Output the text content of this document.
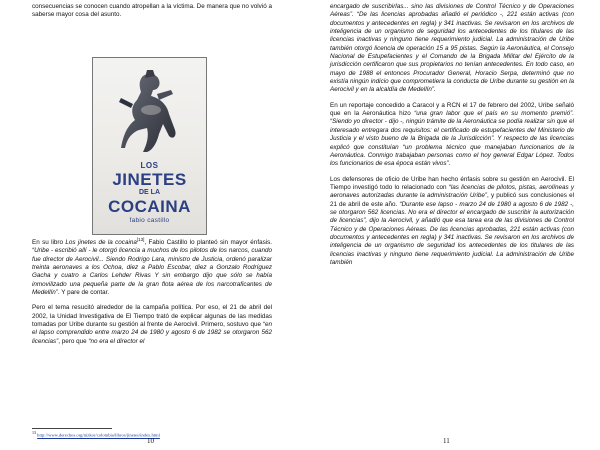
consecuencias se conocen cuando atropellan a la víctima. De manera que no volvió a saberse mayor cosa del asunto.

LOS
JINETES
DE LA
COCAINA
fabio castillo

En su libro Los jinetes de la cocaina[13], Fabio Castillo lo planteó sin mayor énfasis. “Uribe - escribió allí - le otorgó licencia a muchos de los pilotos de los narcos, cuando fue director de Aerocivil... Siendo Rodrigo Lara, ministro de Justicia, ordenó paralizar treinta aeronaves a los Ochoa, diez a Pablo Escobar, diez a Gonzalo Rodríguez Gacha y cuatro a Carlos Lehder Rivas Y sin embargo dijo que sólo se había inmovilizado una pequeña parte de la gran flota aérea de los narcotraficantes de Medellín”. Y pare de contar.

Pero el tema resucitó alrededor de la campaña política. Por eso, el 21 de abril del 2002, la Unidad Investigativa de El Tiempo trató de explicar algunas de las medidas tomadas por Uribe durante su gestión al frente de Aerocivil. Primero, sostuvo que “en el lapso comprendido entre marzo 24 de 1980 y agosto 6 de 1982 se otorgaron 562 licencias”, pero que “no era el director el

$^{13}$ http://www.derechos.org/nizkor/colombia/libros/jinetes/index.html
10

encargado de suscribirlas... sino las divisiones de Control Técnico y de Operaciones Aéreas”. “De las licencias aprobadas añadió el periódico -, 221 están activas (con documentos y antecedentes en regla) y 341 inactivas. Se revisaron en los archivos de inteligencia de un organismo de seguridad los antecedentes de los titulares de las licencias inactivas y ninguno tiene requerimiento judicial. La administración de Uribe también otorgó licencia de operación 15 a 95 pistas. Según la Aeronáutica, el Consejo Nacional de Estupefacientes y el Comando de la Brigada Militar del Ejército de la jurisdicción certificaron que sus propietarios no tenían antecedentes. En todo caso, en mayo de 1988 el entonces Procurador General, Horacio Serpa, determinó que no existía ningún indicio que comprometiera la conducta de Uribe durante su gestión en la Aerocivil y en la alcaldía de Medellín”.

En un reportaje concedido a Caracol y a RCN el 17 de febrero del 2002, Uribe señaló que en la Aeronáutica hizo “una gran labor que el país en su momento premió”. “Siendo yo director - dijo -, ningún trámite de la Aeronáutica se podía realizar sin que el interesado entregara dos requisitos: el certificado de estupefacientes del Ministerio de Justicia y el visto bueno de la Brigada de la Jurisdicción”. Y respecto de las licencias explicó que constituían “un problema técnico que manejaban funcionarios de la Aeronáutica. Conmigo trabajaban personas como el hoy general Edgar López. Todos los funcionarios de esa época están vivos”.

Los defensores de oficio de Uribe han hecho énfasis sobre su gestión en Aerocivil. El Tiempo investigó todo lo relacionado con “las licencias de pilotos, pistas, aerolíneas y aeronaves autorizadas durante la administración Uribe”, y publicó sus conclusiones el 21 de abril de este año. “Durante ese lapso - marzo 24 de 1980 a agosto 6 de 1982 -, se otorgaron 562 licencias. No era el director el encargado de suscribir la autorización de licencias”, dijo la Aerocivil, y añadió que esa tarea era de las divisiones de Control Técnico y de Operaciones Aéreas. De las licencias aprobadas, 221 están activas (con documentos y antecedentes en regla) y 341 inactivas. Se revisaron en los archivos de inteligencia de un organismo de seguridad los antecedentes de los titulares de las licencias inactivas y ninguno tiene requerimiento judicial. La administración de Uribe también

11
